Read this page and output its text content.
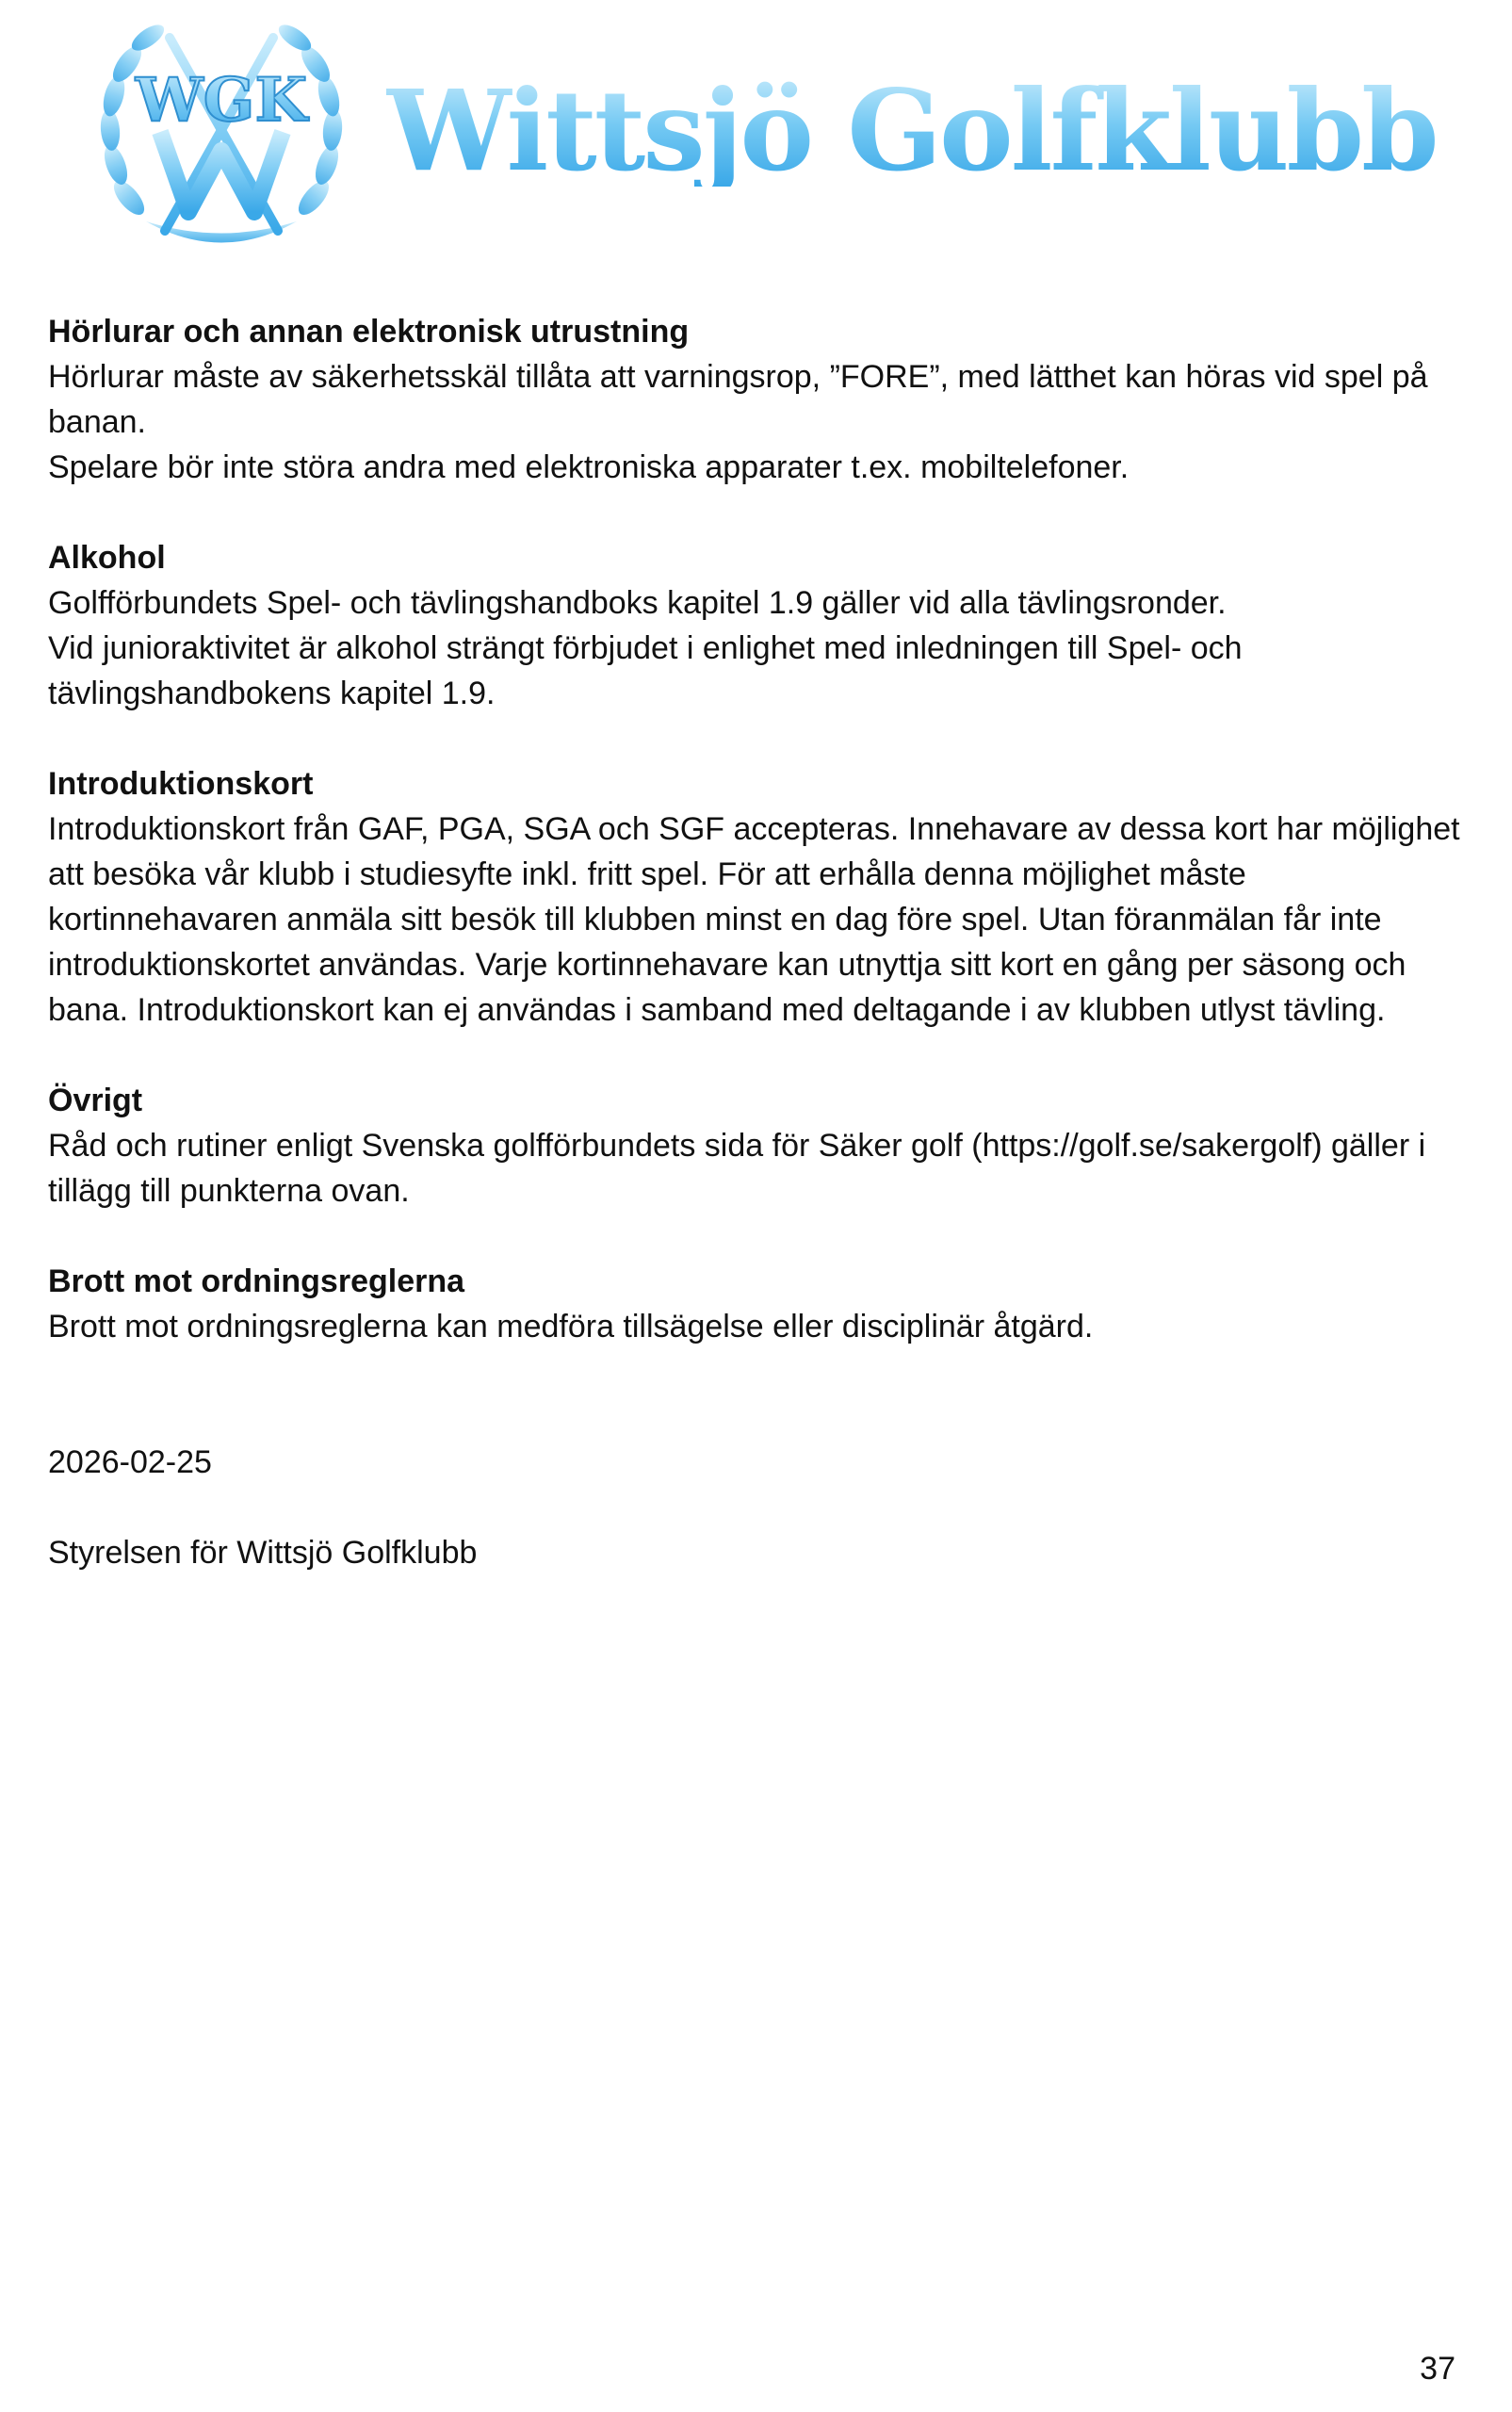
WGK Wittsjö Golfklubb

Hörlurar och annan elektronisk utrustning

Hörlurar måste av säkerhetsskäl tillåta att varningsrop, ”FORE”, med lätthet kan höras vid spel på banan.

Spelare bör inte störa andra med elektroniska apparater t.ex. mobiltelefoner.

Alkohol

Golfförbundets Spel- och tävlingshandboks kapitel 1.9 gäller vid alla tävlingsronder.

Vid junioraktivitet är alkohol strängt förbjudet i enlighet med inledningen till Spel- och tävlingshandbokens kapitel 1.9.

Introduktionskort

Introduktionskort från GAF, PGA, SGA och SGF accepteras. Innehavare av dessa kort har möjlighet att besöka vår klubb i studiesyfte inkl. fritt spel. För att erhålla denna möjlighet måste kortinnehavaren anmäla sitt besök till klubben minst en dag före spel. Utan föranmälan får inte introduktionskortet användas. Varje kortinnehavare kan utnyttja sitt kort en gång per säsong och bana. Introduktionskort kan ej användas i samband med deltagande i av klubben utlyst tävling.

Övrigt

Råd och rutiner enligt Svenska golfförbundets sida för Säker golf (https://golf.se/sakergolf) gäller i tillägg till punkterna ovan.

Brott mot ordningsreglerna

Brott mot ordningsreglerna kan medföra tillsägelse eller disciplinär åtgärd.

2026-02-25

Styrelsen för Wittsjö Golfklubb

37
